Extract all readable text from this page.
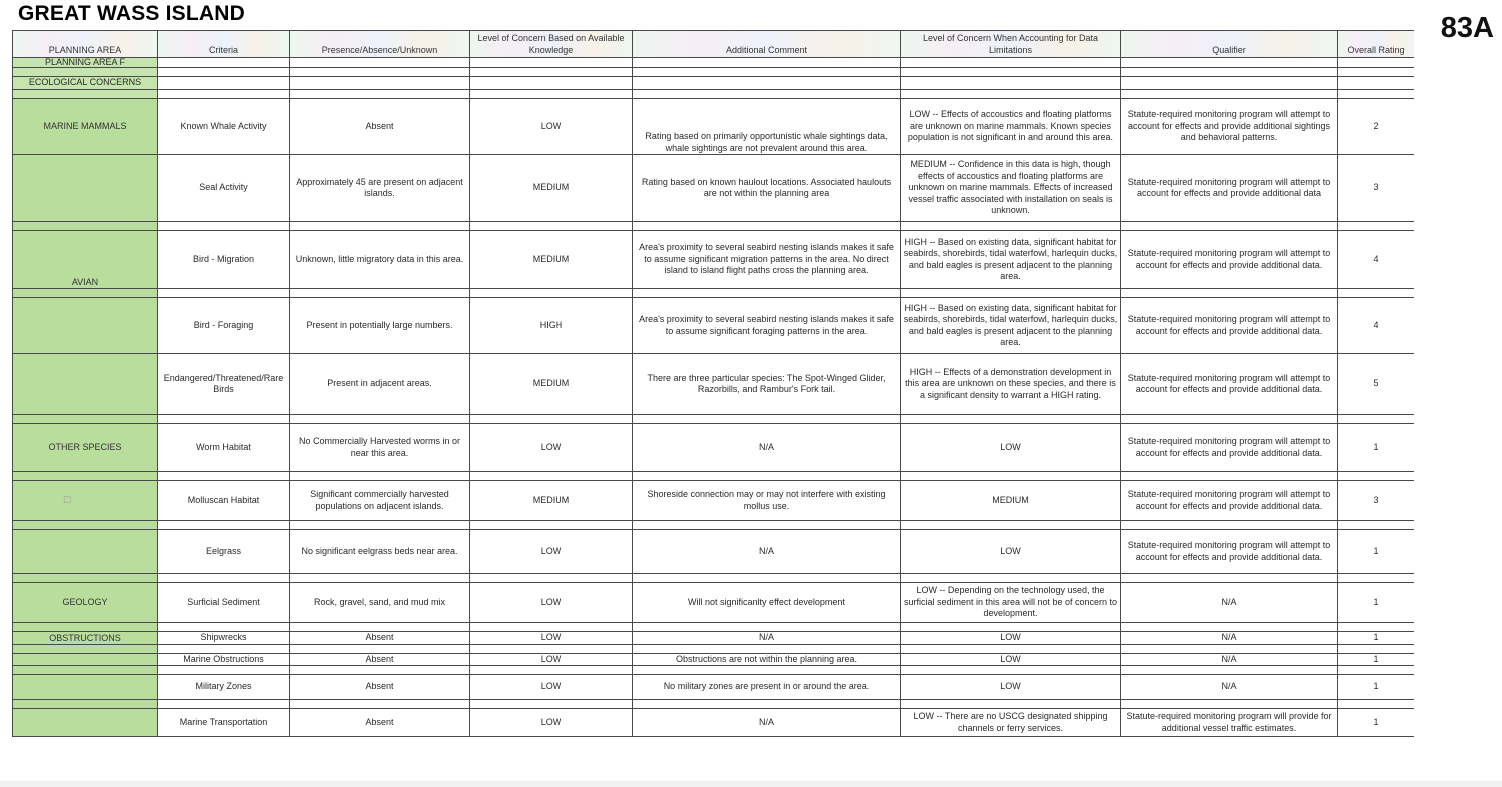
GREAT WASS ISLAND	83A
PLANNING AREA	Criteria	Presence/Absence/Unknown	Level of Concern Based on Available Knowledge	Additional Comment	Level of Concern When Accounting for Data Limitations	Qualifier	Overall Rating
PLANNING AREA F							

ECOLOGICAL CONCERNS							

MARINE MAMMALS	Known Whale Activity	Absent	LOW	Rating based on primarily opportunistic whale sightings data, whale sightings are not prevalent around this area.	LOW -- Effects of accoustics and floating platforms are unknown on marine mammals. Known species population is not significant in and around this area.	Statute-required monitoring program will attempt to account for effects and provide additional sightings and behavioral patterns.	2
	Seal Activity	Approximately 45 are present on adjacent islands.	MEDIUM	Rating based on known haulout locations. Associated haulouts are not within the planning area	MEDIUM -- Confidence in this data is high, though effects of accoustics and floating platforms are unknown on marine mammals. Effects of increased vessel traffic associated with installation on seals is unknown.	Statute-required monitoring program will attempt to account for effects and provide additional data	3

AVIAN	Bird - Migration	Unknown, little migratory data in this area.	MEDIUM	Area's proximity to several seabird nesting islands makes it safe to assume significant migration patterns in the area. No direct island to island flight paths cross the planning area.	HIGH -- Based on existing data, significant habitat for seabirds, shorebirds, tidal waterfowl, harlequin ducks, and bald eagles is present adjacent to the planning area.	Statute-required monitoring program will attempt to account for effects and provide additional data.	4

	Bird - Foraging	Present in potentially large numbers.	HIGH	Area's proximity to several seabird nesting islands makes it safe to assume significant foraging patterns in the area.	HIGH -- Based on existing data, significant habitat for seabirds, shorebirds, tidal waterfowl, harlequin ducks, and bald eagles is present adjacent to the planning area.	Statute-required monitoring program will attempt to account for effects and provide additional data.	4
	Endangered/Threatened/Rare Birds	Present in adjacent areas.	MEDIUM	There are three particular species: The Spot-Winged Glider, Razorbills, and Rambur's Fork tail.	HIGH -- Effects of a demonstration development in this area are unknown on these species, and there is a significant density to warrant a HIGH rating.	Statute-required monitoring program will attempt to account for effects and provide additional data.	5

OTHER SPECIES	Worm Habitat	No Commercially Harvested worms in or near this area.	LOW	N/A	LOW	Statute-required monitoring program will attempt to account for effects and provide additional data.	1

☐	Molluscan Habitat	Significant commercially harvested populations on adjacent islands.	MEDIUM	Shoreside connection may or may not interfere with existing mollus use.	MEDIUM	Statute-required monitoring program will attempt to account for effects and provide additional data.	3

	Eelgrass	No significant eelgrass beds near area.	LOW	N/A	LOW	Statute-required monitoring program will attempt to account for effects and provide additional data.	1

GEOLOGY	Surficial Sediment	Rock, gravel, sand, and mud mix	LOW	Will not significanlty effect development	LOW -- Depending on the technology used, the surficial sediment in this area will not be of concern to development.	N/A	1

OBSTRUCTIONS	Shipwrecks	Absent	LOW	N/A	LOW	N/A	1

	Marine Obstructions	Absent	LOW	Obstructions are not within the planning area.	LOW	N/A	1

	Military Zones	Absent	LOW	No military zones are present in or around the area.	LOW	N/A	1

	Marine Transportation	Absent	LOW	N/A	LOW -- There are no USCG designated shipping channels or ferry services.	Statute-required monitoring program will provide for additional vessel traffic estimates.	1
